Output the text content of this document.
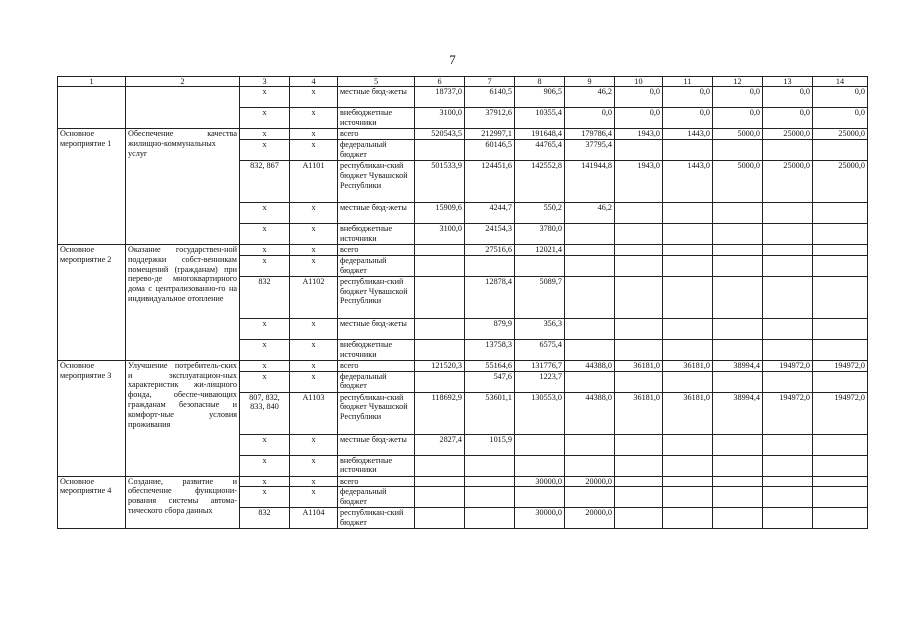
7
1	2	3	4	5	6	7	8	9	10	11	12	13	14
		х	х	местные бюд-жеты	18737,0	6140,5	906,5	46,2	0,0	0,0	0,0	0,0	0,0
		х	х	внебюджетные источники	3100,0	37912,6	10355,4	0,0	0,0	0,0	0,0	0,0	0,0
Основное мероприятие 1	Обеспечение качества жилищно-коммунальных услуг	х	х	всего	520543,5	212997,1	191648,4	179786,4	1943,0	1443,0	5000,0	25000,0	25000,0
		х	х	федеральный бюджет		60146,5	44765,4	37795,4					
		832, 867	А1101	республикан-ский бюджет Чувашской Республики	501533,9	124451,6	142552,8	141944,8	1943,0	1443,0	5000,0	25000,0	25000,0
		х	х	местные бюд-жеты	15909,6	4244,7	550,2	46,2					
		х	х	внебюджетные источники	3100,0	24154,3	3780,0						
Основное мероприятие 2	Оказание государствен-ной поддержки собст-венникам помещений (гражданам) при перево-де многоквартирного дома с централизованно-го на индивидуальное отопление	х	х	всего		27516,6	12021,4						
		х	х	федеральный бюджет									
		832	А1102	республикан-ский бюджет Чувашской Республики		12878,4	5089,7						
		х	х	местные бюд-жеты		879,9	356,3						
		х	х	внебюджетные источники		13758,3	6575,4						
Основное мероприятие 3	Улучшение потребитель-ских и эксплуатацион-ных характеристик жи-лищного фонда, обеспе-чивающих гражданам безопасные и комфорт-ные условия проживания	х	х	всего	121520,3	55164,6	131776,7	44388,0	36181,0	36181,0	38994,4	194972,0	194972,0
		х	х	федеральный бюджет		547,6	1223,7						
		807, 832, 833, 840	А1103	республикан-ский бюджет Чувашской Республики	118692,9	53601,1	130553,0	44388,0	36181,0	36181,0	38994,4	194972,0	194972,0
		х	х	местные бюд-жеты	2827,4	1015,9							
		х	х	внебюджетные источники									
Основное мероприятие 4	Создание, развитие и обеспечение функциони-рования системы автома-тического сбора данных	х	х	всего			30000,0	20000,0					
		х	х	федеральный бюджет									
		832	А1104	республикан-ский бюджет			30000,0	20000,0					
